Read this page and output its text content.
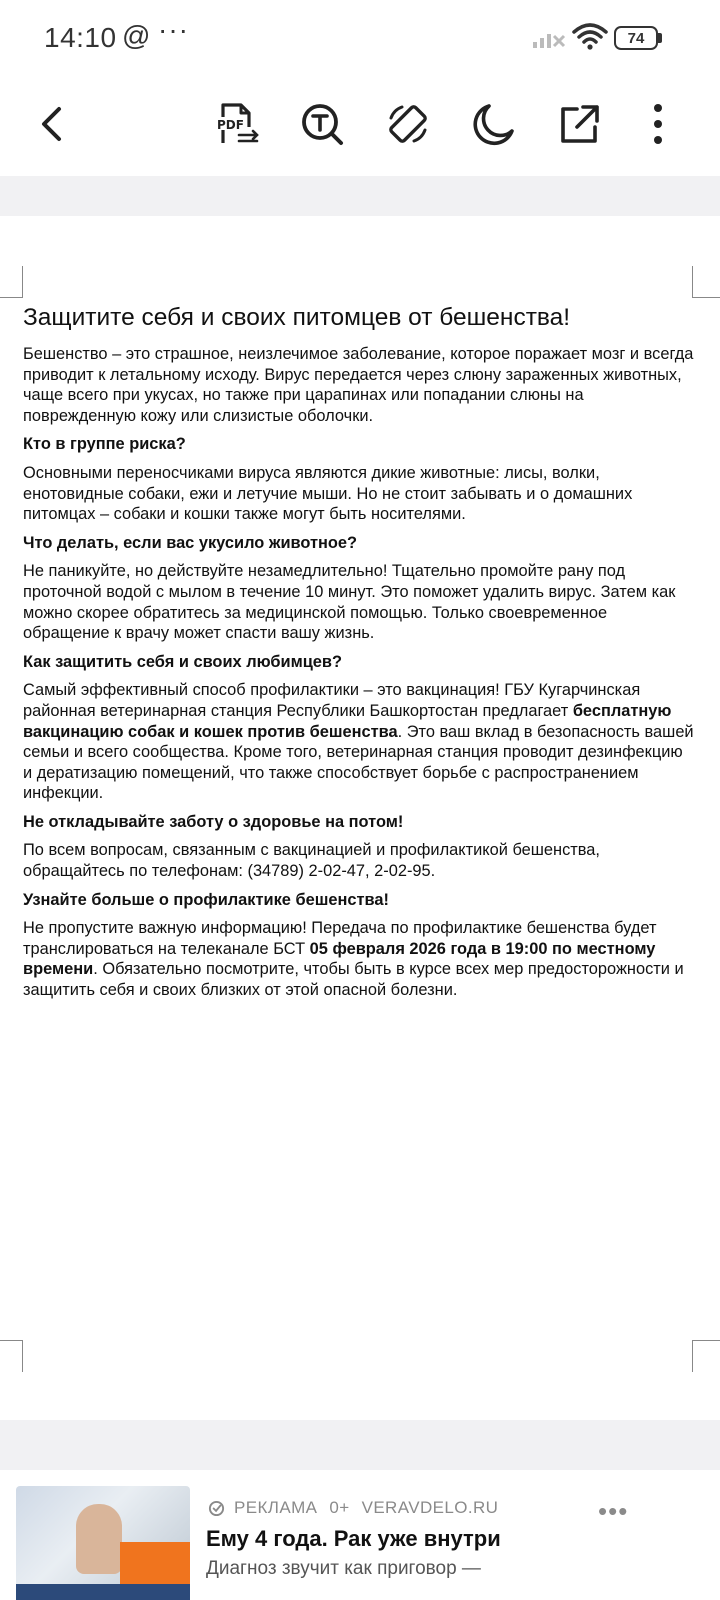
14:10 @ ···	74
PDF
Защитите себя и своих питомцев от бешенства!

Бешенство – это страшное, неизлечимое заболевание, которое поражает мозг и всегда приводит к летальному исходу. Вирус передается через слюну зараженных животных, чаще всего при укусах, но также при царапинах или попадании слюны на поврежденную кожу или слизистые оболочки.

Кто в группе риска?

Основными переносчиками вируса являются дикие животные: лисы, волки, енотовидные собаки, ежи и летучие мыши. Но не стоит забывать и о домашних питомцах – собаки и кошки также могут быть носителями.

Что делать, если вас укусило животное?

Не паникуйте, но действуйте незамедлительно! Тщательно промойте рану под проточной водой с мылом в течение 10 минут. Это поможет удалить вирус. Затем как можно скорее обратитесь за медицинской помощью. Только своевременное обращение к врачу может спасти вашу жизнь.

Как защитить себя и своих любимцев?

Самый эффективный способ профилактики – это вакцинация! ГБУ Кугарчинская районная ветеринарная станция Республики Башкортостан предлагает бесплатную вакцинацию собак и кошек против бешенства. Это ваш вклад в безопасность вашей семьи и всего сообщества. Кроме того, ветеринарная станция проводит дезинфекцию и дератизацию помещений, что также способствует борьбе с распространением инфекции.

Не откладывайте заботу о здоровье на потом!

По всем вопросам, связанным с вакцинацией и профилактикой бешенства, обращайтесь по телефонам: (34789) 2-02-47, 2-02-95.

Узнайте больше о профилактике бешенства!

Не пропустите важную информацию! Передача по профилактике бешенства будет транслироваться на телеканале БСТ 05 февраля 2026 года в 19:00 по местному времени. Обязательно посмотрите, чтобы быть в курсе всех мер предосторожности и защитить себя и своих близких от этой опасной болезни.

РЕКЛАМА 0+ VERAVDELO.RU	•••
Ему 4 года. Рак уже внутри
Диагноз звучит как приговор —
